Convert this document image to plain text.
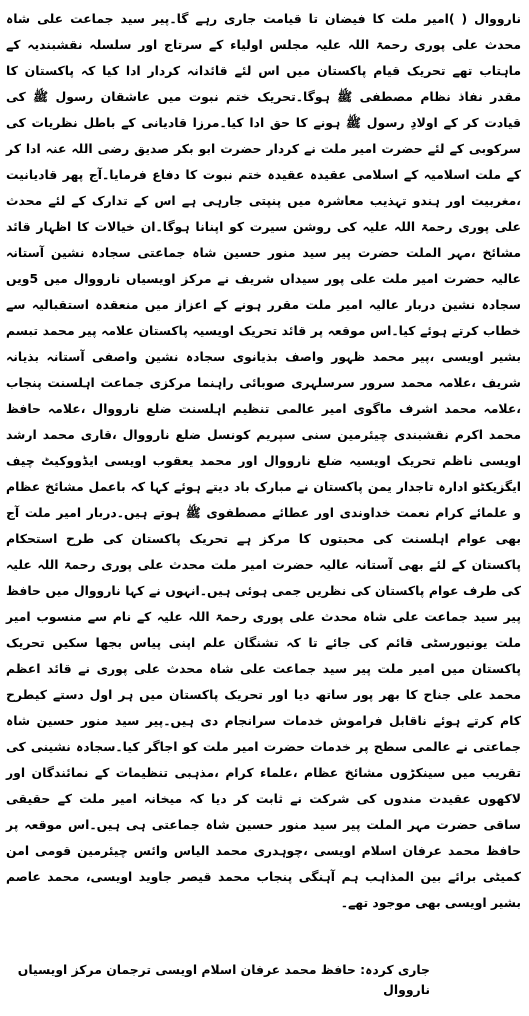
نارووال ( )امیر ملت کا فیضان تا قیامت جاری رہے گا۔پیر سید جماعت علی شاہ محدث علی پوری رحمۃ اللہ علیہ مجلس اولیاء کے سرتاج اور سلسلہ نقشبندیہ کے ماہتاب تھے تحریک قیام پاکستان میں اس لئے قائدانہ کردار ادا کیا کہ پاکستان کا مقدر نفاذ نظام مصطفی ﷺ ہوگا۔تحریک ختم نبوت میں عاشقان رسول ﷺ کی قیادت کر کے اولادِ رسول ﷺ ہونے کا حق ادا کیا۔مرزا قادیانی کے باطل نظریات کی سرکوبی کے لئے حضرت امیر ملت نے کردار حضرت ابو بکر صدیق رضی اللہ عنہ ادا کر کے ملت اسلامیہ کے اسلامی عقیدہ عقیدہ ختم نبوت کا دفاع فرمایا۔آج پھر قادیانیت ،مغربیت اور ہندو تہذیب معاشرہ میں پنپتی جارہی ہے اس کے تدارک کے لئے محدث علی پوری رحمۃ اللہ علیہ کی روشن سیرت کو اپنانا ہوگا۔ان خیالات کا اظہار قائد مشائخ ،مہر الملت حضرت پیر سید منور حسین شاہ جماعتی سجادہ نشین آستانہ عالیہ حضرت امیر ملت علی پور سیداں شریف نے مرکز اویسیاں نارووال میں 5ویں سجادہ نشین دربار عالیہ امیر ملت مقرر ہونے کے اعزاز میں منعقدہ استقبالیہ سے خطاب کرتے ہوئے کیا۔اس موقعہ پر قائد تحریک اویسیہ پاکستان علامہ پیر محمد تبسم بشیر اویسی ،پیر محمد ظہور واصف بذیانوی سجادہ نشین واصفی آستانہ بذیانہ شریف ،علامہ محمد سرور سرسلہری صوبائی راہنما مرکزی جماعت اہلسنت پنجاب ،علامہ محمد اشرف ماگوی امیر عالمی تنظیم اہلسنت ضلع نارووال ،علامہ حافظ محمد اکرم نقشبندی چیئرمین سنی سپریم کونسل ضلع نارووال ،قاری محمد ارشد اویسی ناظم تحریک اویسیہ ضلع نارووال اور محمد یعقوب اویسی ایڈووکیٹ چیف ایگزیکٹو ادارہ تاجدار یمن پاکستان نے مبارک باد دیتے ہوئے کہا کہ باعمل مشائخ عظام و علمائے کرام نعمت خداوندی اور عطائے مصطفوی ﷺ ہوتے ہیں۔دربار امیر ملت آج بھی عوام اہلسنت کی محبتوں کا مرکز ہے تحریک پاکستان کی طرح استحکام پاکستان کے لئے بھی آستانہ عالیہ حضرت امیر ملت محدث علی پوری رحمۃ اللہ علیہ کی طرف عوام پاکستان کی نظریں جمی ہوئی ہیں۔انہوں نے کہا نارووال میں حافظ پیر سید جماعت علی شاہ محدث علی پوری رحمۃ اللہ علیہ کے نام سے منسوب امیر ملت یونیورسٹی قائم کی جائے تا کہ تشنگان علم اپنی پیاس بجھا سکیں تحریک پاکستان میں امیر ملت پیر سید جماعت علی شاہ محدث علی پوری نے قائد اعظم محمد علی جناح کا بھر پور ساتھ دیا اور تحریک پاکستان میں ہر اول دستے کیطرح کام کرتے ہوئے ناقابل فراموش خدمات سرانجام دی ہیں۔پیر سید منور حسین شاہ جماعتی نے عالمی سطح پر خدمات حضرت امیر ملت کو اجاگر کیا۔سجادہ نشینی کی تقریب میں سینکڑوں مشائخ عظام ،علماء کرام ،مذہبی تنظیمات کے نمائندگان اور لاکھوں عقیدت مندوں کی شرکت نے ثابت کر دیا کہ میخانہ امیر ملت کے حقیقی ساقی حضرت مہر الملت پیر سید منور حسین شاہ جماعتی ہی ہیں۔اس موقعہ پر حافظ محمد عرفان اسلام اویسی ،چوہدری محمد الیاس وائس چیئرمین قومی امن کمیٹی برائے بین المذاہب ہم آہنگی پنجاب محمد قیصر جاوید اویسی، محمد عاصم بشیر اویسی بھی موجود تھے۔
جاری کردہ: حافظ محمد عرفان اسلام اویسی ترجمان مرکز اویسیاں نارووال
